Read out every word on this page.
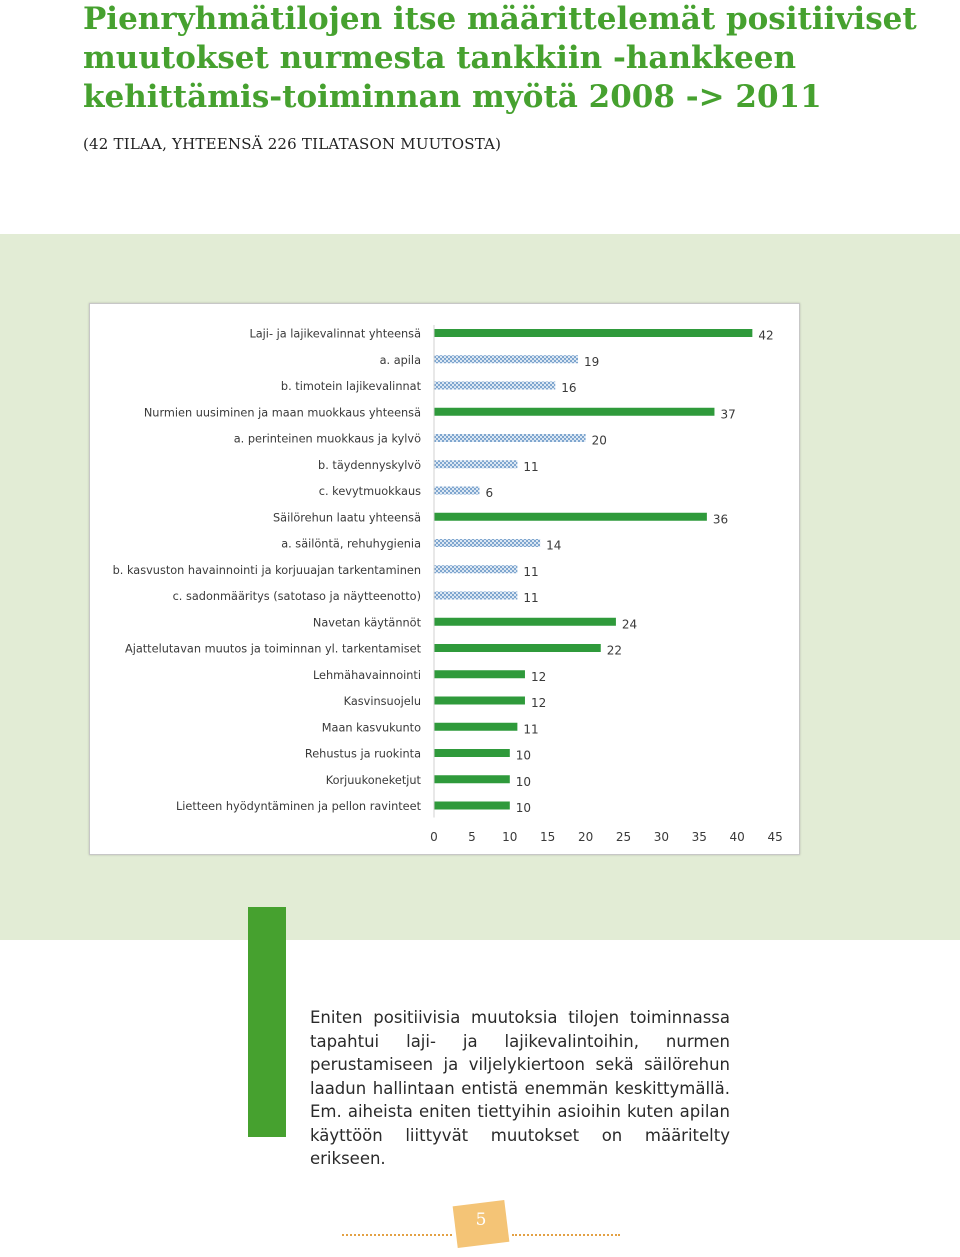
Pienryhmätilojen itse määrittelemät positiiviset muutokset nurmesta tankkiin -hankkeen kehittämis-toiminnan myötä 2008 -> 2011
(42 TILAA, YHTEENSÄ 226 TILATASON MUUTOSTA)
Laji- ja lajikevalinnat yhteensä
a. apila
b. timotein lajikevalinnat
Nurmien uusiminen ja maan muokkaus yhteensä
a. perinteinen muokkaus ja kylvö
b. täydennyskylvö
c. kevytmuokkaus
Säilörehun laatu yhteensä
a. säilöntä, rehuhygienia
b. kasvuston havainnointi ja korjuuajan tarkentaminen
c. sadonmääritys (satotaso ja näytteenotto)
Navetan käytännöt
Ajattelutavan muutos ja toiminnan yl. tarkentamiset
Lehmähavainnointi
Kasvinsuojelu
Maan kasvukunto
Rehustus ja ruokinta
Korjuukoneketjut
Lietteen hyödyntäminen ja pellon ravinteet
42
19
16
37
20
11
6
36
14
11
11
24
22
12
12
11
10
10
10
0	5 10 15 20 25 30 35 40 45

Eniten positiivisia muutoksia tilojen toiminnassa tapahtui laji- ja lajikevalintoihin, nurmen perustamiseen ja viljelykiertoon sekä säilörehun laadun hallintaan entistä enemmän keskittymällä. Em. aiheista eniten tiettyihin asioihin kuten apilan käyttöön liittyvät muutokset on määritelty erikseen.

5
